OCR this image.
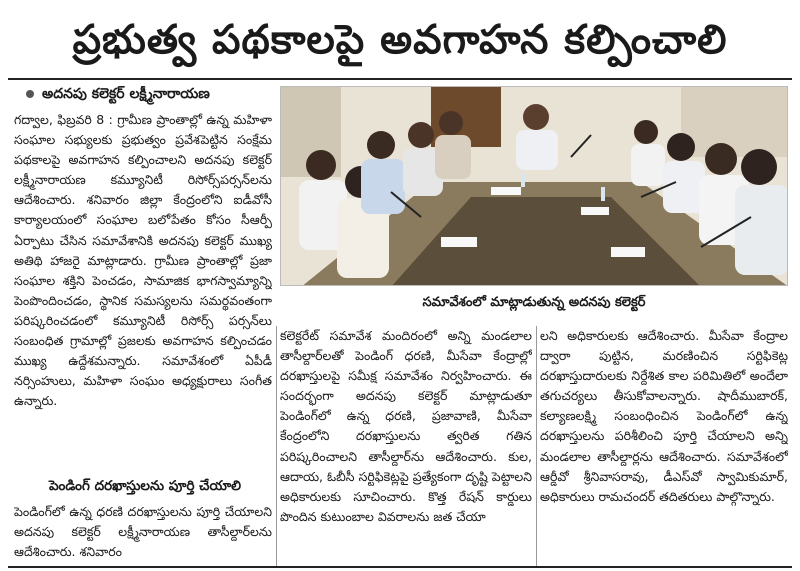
ప్రభుత్వ పథకాలపై అవగాహన కల్పించాలి
అదనపు కలెక్టర్ లక్ష్మీనారాయణ

గద్వాల, ఫిబ్రవరి 8 : గ్రామీణ ప్రాంతాల్లో ఉన్న మహిళా సంఘాల సభ్యులకు ప్రభుత్వం ప్రవేశపెట్టిన సంక్షేమ పథకాలపై అవగాహన కల్పించాలని అదనపు కలెక్టర్ లక్ష్మీనారాయణ కమ్యూనిటీ రిసోర్స్‌పర్సన్‌లను ఆదేశించారు. శనివారం జిల్లా కేంద్రంలోని ఐడీవోసీ కార్యాలయంలో సంఘాల బలోపేతం కోసం సీఆర్పీ ఏర్పాటు చేసిన సమావేశానికి అదనపు కలెక్టర్ ముఖ్య అతిథి హాజరై మాట్లాడారు. గ్రామీణ ప్రాంతాల్లో ప్రజా సంఘాల శక్తిని పెంచడం, సామాజిక భాగస్వామ్యాన్ని పెంపొందించడం, స్థానిక సమస్యలను సమర్థవంతంగా పరిష్కరించడంలో కమ్యూనిటీ రిసోర్స్ పర్సన్‌లు సంబంధిత గ్రామాల్లో ప్రజలకు అవగాహన కల్పించడం ముఖ్య ఉద్దేశమన్నారు. సమావేశంలో ఏపీడీ నర్సింహులు, మహిళా సంఘం అధ్యక్షురాలు సంగీత ఉన్నారు.

పెండింగ్ దరఖాస్తులను పూర్తి చేయాలి

పెండింగ్‌లో ఉన్న ధరణి దరఖాస్తులను పూర్తి చేయాలని అదనపు కలెక్టర్ లక్ష్మీనారాయణ తాసీల్దార్‌లను ఆదేశించారు. శనివారం

సమావేశంలో మాట్లాడుతున్న అదనపు కలెక్టర్

కలెక్టరేట్ సమావేశ మందిరంలో అన్ని మండలాల తాసీల్దార్‌లతో పెండింగ్ ధరణి, మీసేవా కేంద్రాల్లో దరఖాస్తులపై సమీక్ష సమావేశం నిర్వహించారు. ఈ సందర్భంగా అదనపు కలెక్టర్ మాట్లాడుతూ పెండింగ్‌లో ఉన్న ధరణి, ప్రజావాణి, మీసేవా కేంద్రంలోని దరఖాస్తులను త్వరిత గతిన పరిష్కరించాలని తాసీల్దార్‌ను ఆదేశించారు. కుల, ఆదాయ, ఓబీసీ సర్టిఫికెట్లపై ప్రత్యేకంగా దృష్టి పెట్టాలని అధికారులకు సూచించారు. కొత్త రేషన్ కార్డులు పొందిన కుటుంబాల వివరాలను జత చేయా

లని అధికారులకు ఆదేశించారు. మీసేవా కేంద్రాల ద్వారా పుట్టిన, మరణించిన సర్టిఫికెట్ల దరఖాస్తుదారులకు నిర్దేశిత కాల పరిమితిలో అందేలా తగుచర్యలు తీసుకోవాలన్నారు. షాదీముబారక్, కల్యాణలక్ష్మి సంబంధించిన పెండింగ్‌లో ఉన్న దరఖాస్తులను పరిశీలించి పూర్తి చేయాలని అన్ని మండలాల తాసీల్దార్లను ఆదేశించారు. సమావేశంలో ఆర్డీవో శ్రీనివాసరావు, డీఎస్‌వో స్వామికుమార్, అధికారులు రామచందర్ తదితరులు పాల్గొన్నారు.
